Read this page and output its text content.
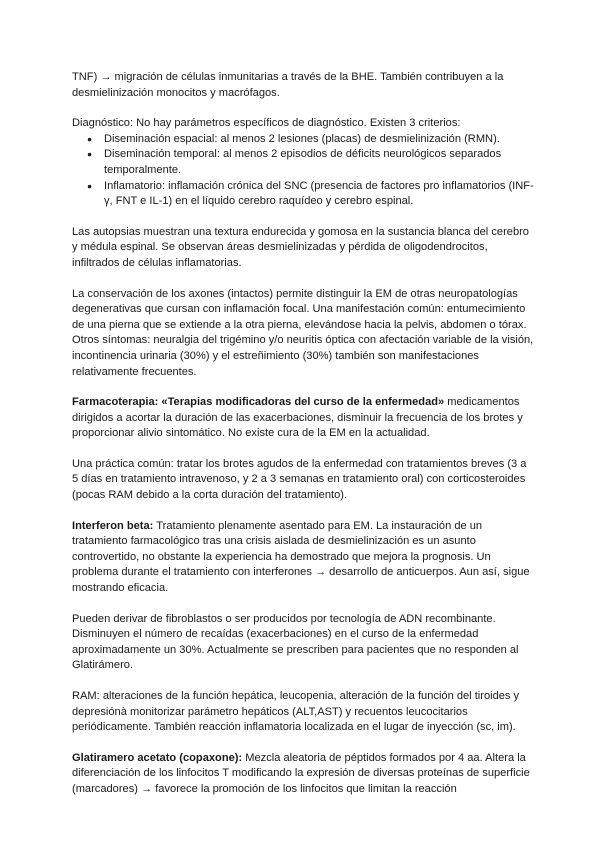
TNF) → migración de células inmunitarias a través de la BHE. También contribuyen a la desmielinización monocitos y macrófagos.

Diagnóstico: No hay parámetros específicos de diagnóstico. Existen 3 criterios:

● Diseminación espacial: al menos 2 lesiones (placas) de desmielinización (RMN).
● Diseminación temporal: al menos 2 episodios de déficits neurológicos separados temporalmente.
● Inflamatorio: inflamación crónica del SNC (presencia de factores pro inflamatorios (INF-γ, FNT e IL-1) en el líquido cerebro raquídeo y cerebro espinal.

Las autopsias muestran una textura endurecida y gomosa en la sustancia blanca del cerebro y médula espinal. Se observan áreas desmielinizadas y pérdida de oligodendrocitos, infiltrados de células inflamatorias.

La conservación de los axones (intactos) permite distinguir la EM de otras neuropatologías degenerativas que cursan con inflamación focal. Una manifestación común: entumecimiento de una pierna que se extiende a la otra pierna, elevándose hacia la pelvis, abdomen o tórax. Otros síntomas: neuralgia del trigémino y/o neuritis óptica con afectación variable de la visión, incontinencia urinaria (30%) y el estreñimiento (30%) también son manifestaciones relativamente frecuentes.

Farmacoterapia: «Terapias modificadoras del curso de la enfermedad» medicamentos dirigidos a acortar la duración de las exacerbaciones, disminuir la frecuencia de los brotes y proporcionar alivio sintomático. No existe cura de la EM en la actualidad.

Una práctica común: tratar los brotes agudos de la enfermedad con tratamientos breves (3 a 5 días en tratamiento intravenoso, y 2 a 3 semanas en tratamiento oral) con corticosteroides (pocas RAM debido a la corta duración del tratamiento).

Interferon beta: Tratamiento plenamente asentado para EM. La instauración de un tratamiento farmacológico tras una crisis aislada de desmielinización es un asunto controvertido, no obstante la experiencia ha demostrado que mejora la prognosis. Un problema durante el tratamiento con interferones → desarrollo de anticuerpos. Aun así, sigue mostrando eficacia.

Pueden derivar de fibroblastos o ser producidos por tecnología de ADN recombinante. Disminuyen el número de recaídas (exacerbaciones) en el curso de la enfermedad aproximadamente un 30%. Actualmente se prescriben para pacientes que no responden al Glatirámero.

RAM: alteraciones de la función hepática, leucopenia, alteración de la función del tiroides y depresiónà monitorizar parámetro hepáticos (ALT,AST) y recuentos leucocitarios periódicamente. También reacción inflamatoria localizada en el lugar de inyección (sc, im).

Glatiramero acetato (copaxone): Mezcla aleatoria de péptidos formados por 4 aa. Altera la diferenciación de los linfocitos T modificando la expresión de diversas proteínas de superficie (marcadores) → favorece la promoción de los linfocitos que limitan la reacción
